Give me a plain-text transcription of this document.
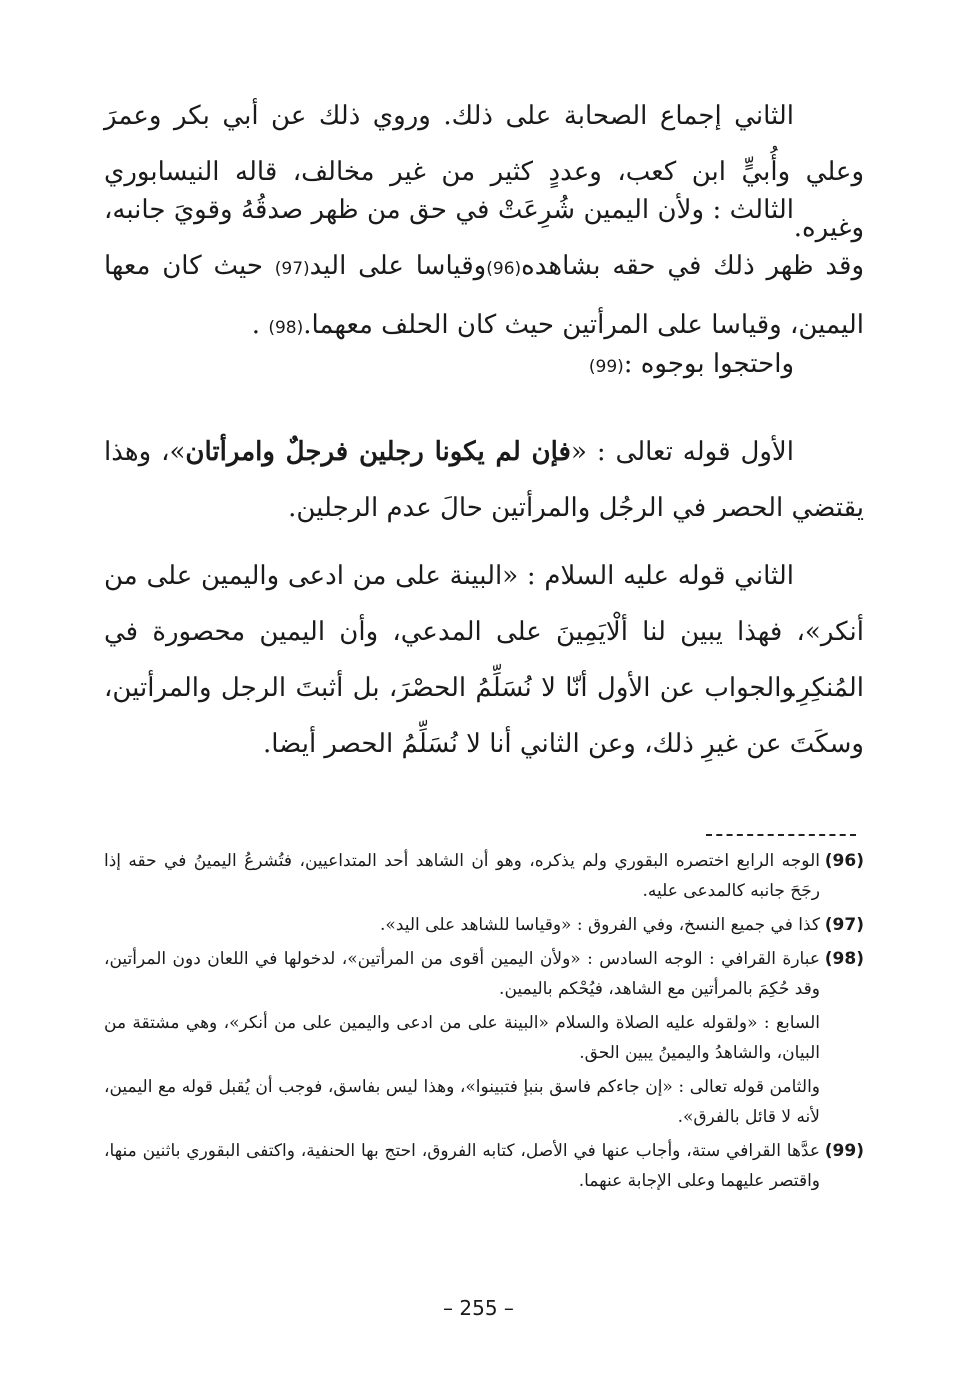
الثاني إجماع الصحابة على ذلك. وروي ذلك عن أبي بكر وعمرَ وعلي وأُبيٍّ ابن كعب، وعددٍ كثير من غير مخالف، قاله النيسابوري وغيره.

الثالث : ولأن اليمين شُرِعَتْ في حق من ظهر صدقُهُ وقويَ جانبه، وقد ظهر ذلك في حقه بشاهده(96)وقياسا على اليد(97) حيث كان معها اليمين، وقياسا على المرأتين حيث كان الحلف معهما.(98) .

واحتجوا بوجوه :(99)

الأول قوله تعالى : «فإن لم يكونا رجلين فرجلٌ وامرأتان»، وهذا يقتضي الحصر في الرجُل والمرأتين حالَ عدم الرجلين.

الثاني قوله عليه السلام : «البينة على من ادعى واليمين على من أنكر»، فهذا يبين لنا ألْايَمِينَ على المدعي، وأن اليمين محصورة في المُنكِرِ.

والجواب عن الأول أنّا لا نُسَلِّمُ الحصْرَ، بل أثبتَ الرجل والمرأتين، وسكَتَ عن غيرِ ذلك، وعن الثاني أنا لا نُسَلِّمُ الحصر أيضا.

(96)
الوجه الرابع اختصره البقوري ولم يذكره، وهو أن الشاهد أحد المتداعيين، فتُشرعُ اليمينُ في حقه إذا رجَحَ جانبه كالمدعى عليه.
(97)
كذا في جميع النسخ، وفي الفروق : «وقياسا للشاهد على اليد».
(98)
عبارة القرافي : الوجه السادس : «ولأن اليمين أقوى من المرأتين»، لدخولها في اللعان دون المرأتين، وقد حُكِمَ بالمرأتين مع الشاهد، فيُحْكم باليمين.
السابع : «ولقوله عليه الصلاة والسلام «البينة على من ادعى واليمين على من أنكر»، وهي مشتقة من البيان، والشاهدُ واليمينُ يبين الحق.
والثامن قوله تعالى : «إن جاءكم فاسق بنبإ فتبينوا»، وهذا ليس بفاسق، فوجب أن يُقبل قوله مع اليمين، لأنه لا قائل بالفرق».
(99)
عدَّها القرافي ستة، وأجاب عنها في الأصل، كتابه الفروق، احتج بها الحنفية، واكتفى البقوري باثنين منها، واقتصر عليهما وعلى الإجابة عنهما.
– 255 –
